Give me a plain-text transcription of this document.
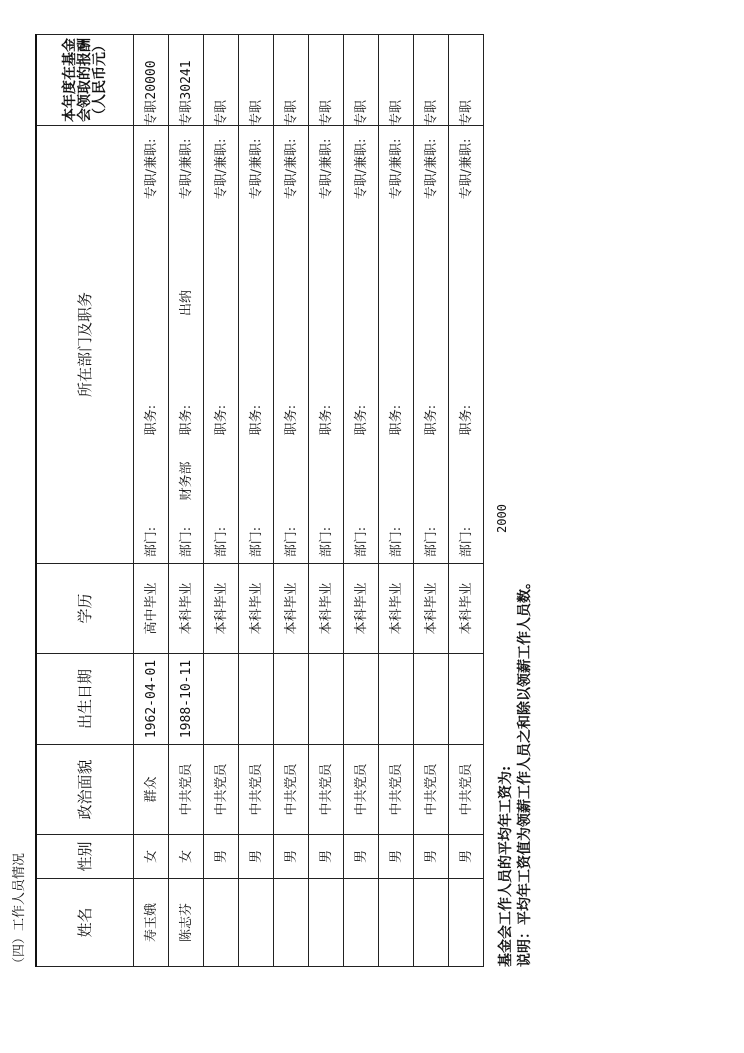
（四）工作人员情况	姓名	性别	政治面貌	出生日期	学历	所在部门及职务	本年度在基金会领取的报酬（人民币元）
寿玉娥	女	群众	1962-04-01	高中毕业	部门:职务:专职/兼职:专职	20000
陈志芬	女	中共党员	1988-10-11	本科毕业	部门:财务部职务:出纳专职/兼职:专职	30241
	男	中共党员		本科毕业	部门:职务:专职/兼职:专职	
	男	中共党员		本科毕业	部门:职务:专职/兼职:专职	
	男	中共党员		本科毕业	部门:职务:专职/兼职:专职	
	男	中共党员		本科毕业	部门:职务:专职/兼职:专职	
	男	中共党员		本科毕业	部门:职务:专职/兼职:专职	
	男	中共党员		本科毕业	部门:职务:专职/兼职:专职	
	男	中共党员		本科毕业	部门:职务:专职/兼职:专职	
	男	中共党员		本科毕业	部门:职务:专职/兼职:专职	
基金会工作人员的平均年工资为:
2000
说明：平均年工资值为领薪工作人员之和除以领薪工作人员数。
